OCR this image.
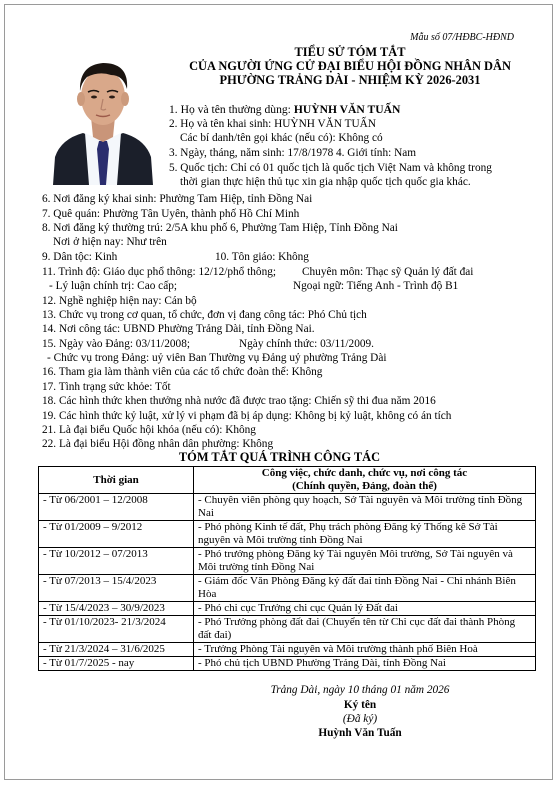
Mẫu số 07/HĐBC-HĐND
TIỂU SỬ TÓM TẮT
CỦA NGƯỜI ỨNG CỬ ĐẠI BIỂU HỘI ĐỒNG NHÂN DÂN
PHƯỜNG TRẢNG DÀI - NHIỆM KỲ 2026-2031
1. Họ và tên thường dùng: HUỲNH VĂN TUẤN
2. Họ và tên khai sinh: HUỲNH VĂN TUẤN
Các bí danh/tên gọi khác (nếu có): Không có
3. Ngày, tháng, năm sinh: 17/8/1978 4. Giới tính: Nam
5. Quốc tịch: Chỉ có 01 quốc tịch là quốc tịch Việt Nam và không trong
thời gian thực hiện thủ tục xin gia nhập quốc tịch quốc gia khác.
6. Nơi đăng ký khai sinh: Phường Tam Hiệp, tỉnh Đồng Nai
7. Quê quán: Phường Tân Uyên, thành phố Hồ Chí Minh
8. Nơi đăng ký thường trú: 2/5A khu phố 6, Phường Tam Hiệp, Tỉnh Đồng Nai
Nơi ở hiện nay: Như trên
9. Dân tộc: Kinh	10. Tôn giáo: Không
11. Trình độ: Giáo dục phổ thông: 12/12/phổ thông; Chuyên môn: Thạc sỹ Quản lý đất đai
- Lý luận chính trị: Cao cấp;	Ngoại ngữ: Tiếng Anh - Trình độ B1
12. Nghề nghiệp hiện nay: Cán bộ
13. Chức vụ trong cơ quan, tổ chức, đơn vị đang công tác: Phó Chủ tịch
14. Nơi công tác: UBND Phường Trảng Dài, tỉnh Đồng Nai.
15. Ngày vào Đảng: 03/11/2008;	Ngày chính thức: 03/11/2009.
- Chức vụ trong Đảng: uỷ viên Ban Thường vụ Đảng uỷ phường Trảng Dài
16. Tham gia làm thành viên của các tổ chức đoàn thể: Không
17. Tình trạng sức khỏe: Tốt
18. Các hình thức khen thưởng nhà nước đã được trao tặng: Chiến sỹ thi đua năm 2016
19. Các hình thức kỷ luật, xử lý vi phạm đã bị áp dụng: Không bị kỷ luật, không có án tích
21. Là đại biểu Quốc hội khóa (nếu có): Không
22. Là đại biểu Hội đồng nhân dân phường: Không
TÓM TẮT QUÁ TRÌNH CÔNG TÁC
Thời gian	Công việc, chức danh, chức vụ, nơi công tác
(Chính quyền, Đảng, đoàn thể)

- Từ 06/2001 – 12/2008	- Chuyên viên phòng quy hoạch, Sở Tài nguyên và Môi trường tỉnh Đồng Nai
- Từ 01/2009 – 9/2012	- Phó phòng Kinh tế đất, Phụ trách phòng Đăng ký Thống kê Sở Tài nguyên và Môi trường tỉnh Đồng Nai
- Từ 10/2012 – 07/2013	- Phó trưởng phòng Đăng ký Tài nguyên Môi trường, Sở Tài nguyên và Môi trường tỉnh Đồng Nai
- Từ 07/2013 – 15/4/2023	- Giám đốc Văn Phòng Đăng ký đất đai tỉnh Đồng Nai - Chi nhánh Biên Hòa
- Từ 15/4/2023 – 30/9/2023	- Phó chi cục Trưởng chi cục Quản lý Đất đai
- Từ 01/10/2023- 21/3/2024	- Phó Trưởng phòng đất đai (Chuyển tên từ Chi cục đất đai thành Phòng đất đai)
- Từ 21/3/2024 – 31/6/2025	- Trưởng Phòng Tài nguyên và Môi trường thành phố Biên Hoà
- Từ 01/7/2025 - nay	- Phó chủ tịch UBND Phường Trảng Dài, tỉnh Đồng Nai
Trảng Dài, ngày 10 tháng 01 năm 2026
Ký tên
(Đã ký)
Huỳnh Văn Tuấn
